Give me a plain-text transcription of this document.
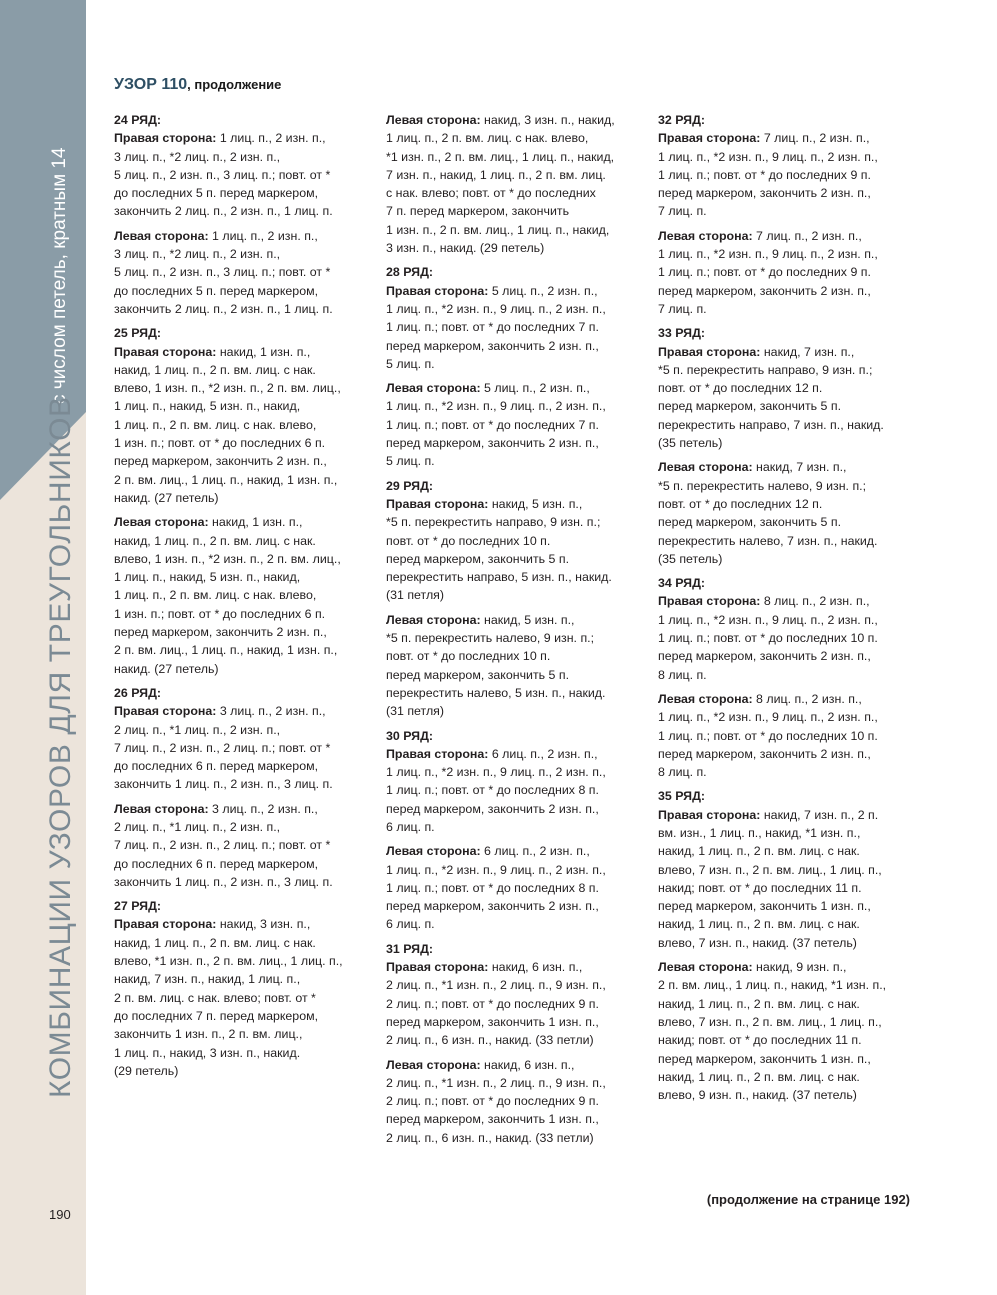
с числом петель, кратным 14
КОМБИНАЦИИ УЗОРОВ ДЛЯ ТРЕУГОЛЬНИКОВ
190
УЗОР 110, продолжение
24 РЯД:
Правая сторона: 1 лиц. п., 2 изн. п.,
3 лиц. п., *2 лиц. п., 2 изн. п.,
5 лиц. п., 2 изн. п., 3 лиц. п.; повт. от *
до последних 5 п. перед маркером,
закончить 2 лиц. п., 2 изн. п., 1 лиц. п.
Левая сторона: 1 лиц. п., 2 изн. п.,
3 лиц. п., *2 лиц. п., 2 изн. п.,
5 лиц. п., 2 изн. п., 3 лиц. п.; повт. от *
до последних 5 п. перед маркером,
закончить 2 лиц. п., 2 изн. п., 1 лиц. п.
25 РЯД:
Правая сторона: накид, 1 изн. п.,
накид, 1 лиц. п., 2 п. вм. лиц. с нак.
влево, 1 изн. п., *2 изн. п., 2 п. вм. лиц.,
1 лиц. п., накид, 5 изн. п., накид,
1 лиц. п., 2 п. вм. лиц. с нак. влево,
1 изн. п.; повт. от * до последних 6 п.
перед маркером, закончить 2 изн. п.,
2 п. вм. лиц., 1 лиц. п., накид, 1 изн. п.,
накид. (27 петель)
Левая сторона: накид, 1 изн. п.,
накид, 1 лиц. п., 2 п. вм. лиц. с нак.
влево, 1 изн. п., *2 изн. п., 2 п. вм. лиц.,
1 лиц. п., накид, 5 изн. п., накид,
1 лиц. п., 2 п. вм. лиц. с нак. влево,
1 изн. п.; повт. от * до последних 6 п.
перед маркером, закончить 2 изн. п.,
2 п. вм. лиц., 1 лиц. п., накид, 1 изн. п.,
накид. (27 петель)
26 РЯД:
Правая сторона: 3 лиц. п., 2 изн. п.,
2 лиц. п., *1 лиц. п., 2 изн. п.,
7 лиц. п., 2 изн. п., 2 лиц. п.; повт. от *
до последних 6 п. перед маркером,
закончить 1 лиц. п., 2 изн. п., 3 лиц. п.
Левая сторона: 3 лиц. п., 2 изн. п.,
2 лиц. п., *1 лиц. п., 2 изн. п.,
7 лиц. п., 2 изн. п., 2 лиц. п.; повт. от *
до последних 6 п. перед маркером,
закончить 1 лиц. п., 2 изн. п., 3 лиц. п.
27 РЯД:
Правая сторона: накид, 3 изн. п.,
накид, 1 лиц. п., 2 п. вм. лиц. с нак.
влево, *1 изн. п., 2 п. вм. лиц., 1 лиц. п.,
накид, 7 изн. п., накид, 1 лиц. п.,
2 п. вм. лиц. с нак. влево; повт. от *
до последних 7 п. перед маркером,
закончить 1 изн. п., 2 п. вм. лиц.,
1 лиц. п., накид, 3 изн. п., накид.
(29 петель)
Левая сторона: накид, 3 изн. п., накид,
1 лиц. п., 2 п. вм. лиц. с нак. влево,
*1 изн. п., 2 п. вм. лиц., 1 лиц. п., накид,
7 изн. п., накид, 1 лиц. п., 2 п. вм. лиц.
с нак. влево; повт. от * до последних
7 п. перед маркером, закончить
1 изн. п., 2 п. вм. лиц., 1 лиц. п., накид,
3 изн. п., накид. (29 петель)
28 РЯД:
Правая сторона: 5 лиц. п., 2 изн. п.,
1 лиц. п., *2 изн. п., 9 лиц. п., 2 изн. п.,
1 лиц. п.; повт. от * до последних 7 п.
перед маркером, закончить 2 изн. п.,
5 лиц. п.
Левая сторона: 5 лиц. п., 2 изн. п.,
1 лиц. п., *2 изн. п., 9 лиц. п., 2 изн. п.,
1 лиц. п.; повт. от * до последних 7 п.
перед маркером, закончить 2 изн. п.,
5 лиц. п.
29 РЯД:
Правая сторона: накид, 5 изн. п.,
*5 п. перекрестить направо, 9 изн. п.;
повт. от * до последних 10 п.
перед маркером, закончить 5 п.
перекрестить направо, 5 изн. п., накид.
(31 петля)
Левая сторона: накид, 5 изн. п.,
*5 п. перекрестить налево, 9 изн. п.;
повт. от * до последних 10 п.
перед маркером, закончить 5 п.
перекрестить налево, 5 изн. п., накид.
(31 петля)
30 РЯД:
Правая сторона: 6 лиц. п., 2 изн. п.,
1 лиц. п., *2 изн. п., 9 лиц. п., 2 изн. п.,
1 лиц. п.; повт. от * до последних 8 п.
перед маркером, закончить 2 изн. п.,
6 лиц. п.
Левая сторона: 6 лиц. п., 2 изн. п.,
1 лиц. п., *2 изн. п., 9 лиц. п., 2 изн. п.,
1 лиц. п.; повт. от * до последних 8 п.
перед маркером, закончить 2 изн. п.,
6 лиц. п.
31 РЯД:
Правая сторона: накид, 6 изн. п.,
2 лиц. п., *1 изн. п., 2 лиц. п., 9 изн. п.,
2 лиц. п.; повт. от * до последних 9 п.
перед маркером, закончить 1 изн. п.,
2 лиц. п., 6 изн. п., накид. (33 петли)
Левая сторона: накид, 6 изн. п.,
2 лиц. п., *1 изн. п., 2 лиц. п., 9 изн. п.,
2 лиц. п.; повт. от * до последних 9 п.
перед маркером, закончить 1 изн. п.,
2 лиц. п., 6 изн. п., накид. (33 петли)
32 РЯД:
Правая сторона: 7 лиц. п., 2 изн. п.,
1 лиц. п., *2 изн. п., 9 лиц. п., 2 изн. п.,
1 лиц. п.; повт. от * до последних 9 п.
перед маркером, закончить 2 изн. п.,
7 лиц. п.
Левая сторона: 7 лиц. п., 2 изн. п.,
1 лиц. п., *2 изн. п., 9 лиц. п., 2 изн. п.,
1 лиц. п.; повт. от * до последних 9 п.
перед маркером, закончить 2 изн. п.,
7 лиц. п.
33 РЯД:
Правая сторона: накид, 7 изн. п.,
*5 п. перекрестить направо, 9 изн. п.;
повт. от * до последних 12 п.
перед маркером, закончить 5 п.
перекрестить направо, 7 изн. п., накид.
(35 петель)
Левая сторона: накид, 7 изн. п.,
*5 п. перекрестить налево, 9 изн. п.;
повт. от * до последних 12 п.
перед маркером, закончить 5 п.
перекрестить налево, 7 изн. п., накид.
(35 петель)
34 РЯД:
Правая сторона: 8 лиц. п., 2 изн. п.,
1 лиц. п., *2 изн. п., 9 лиц. п., 2 изн. п.,
1 лиц. п.; повт. от * до последних 10 п.
перед маркером, закончить 2 изн. п.,
8 лиц. п.
Левая сторона: 8 лиц. п., 2 изн. п.,
1 лиц. п., *2 изн. п., 9 лиц. п., 2 изн. п.,
1 лиц. п.; повт. от * до последних 10 п.
перед маркером, закончить 2 изн. п.,
8 лиц. п.
35 РЯД:
Правая сторона: накид, 7 изн. п., 2 п.
вм. изн., 1 лиц. п., накид, *1 изн. п.,
накид, 1 лиц. п., 2 п. вм. лиц. с нак.
влево, 7 изн. п., 2 п. вм. лиц., 1 лиц. п.,
накид; повт. от * до последних 11 п.
перед маркером, закончить 1 изн. п.,
накид, 1 лиц. п., 2 п. вм. лиц. с нак.
влево, 7 изн. п., накид. (37 петель)
Левая сторона: накид, 9 изн. п.,
2 п. вм. лиц., 1 лиц. п., накид, *1 изн. п.,
накид, 1 лиц. п., 2 п. вм. лиц. с нак.
влево, 7 изн. п., 2 п. вм. лиц., 1 лиц. п.,
накид; повт. от * до последних 11 п.
перед маркером, закончить 1 изн. п.,
накид, 1 лиц. п., 2 п. вм. лиц. с нак.
влево, 9 изн. п., накид. (37 петель)
(продолжение на странице 192)
